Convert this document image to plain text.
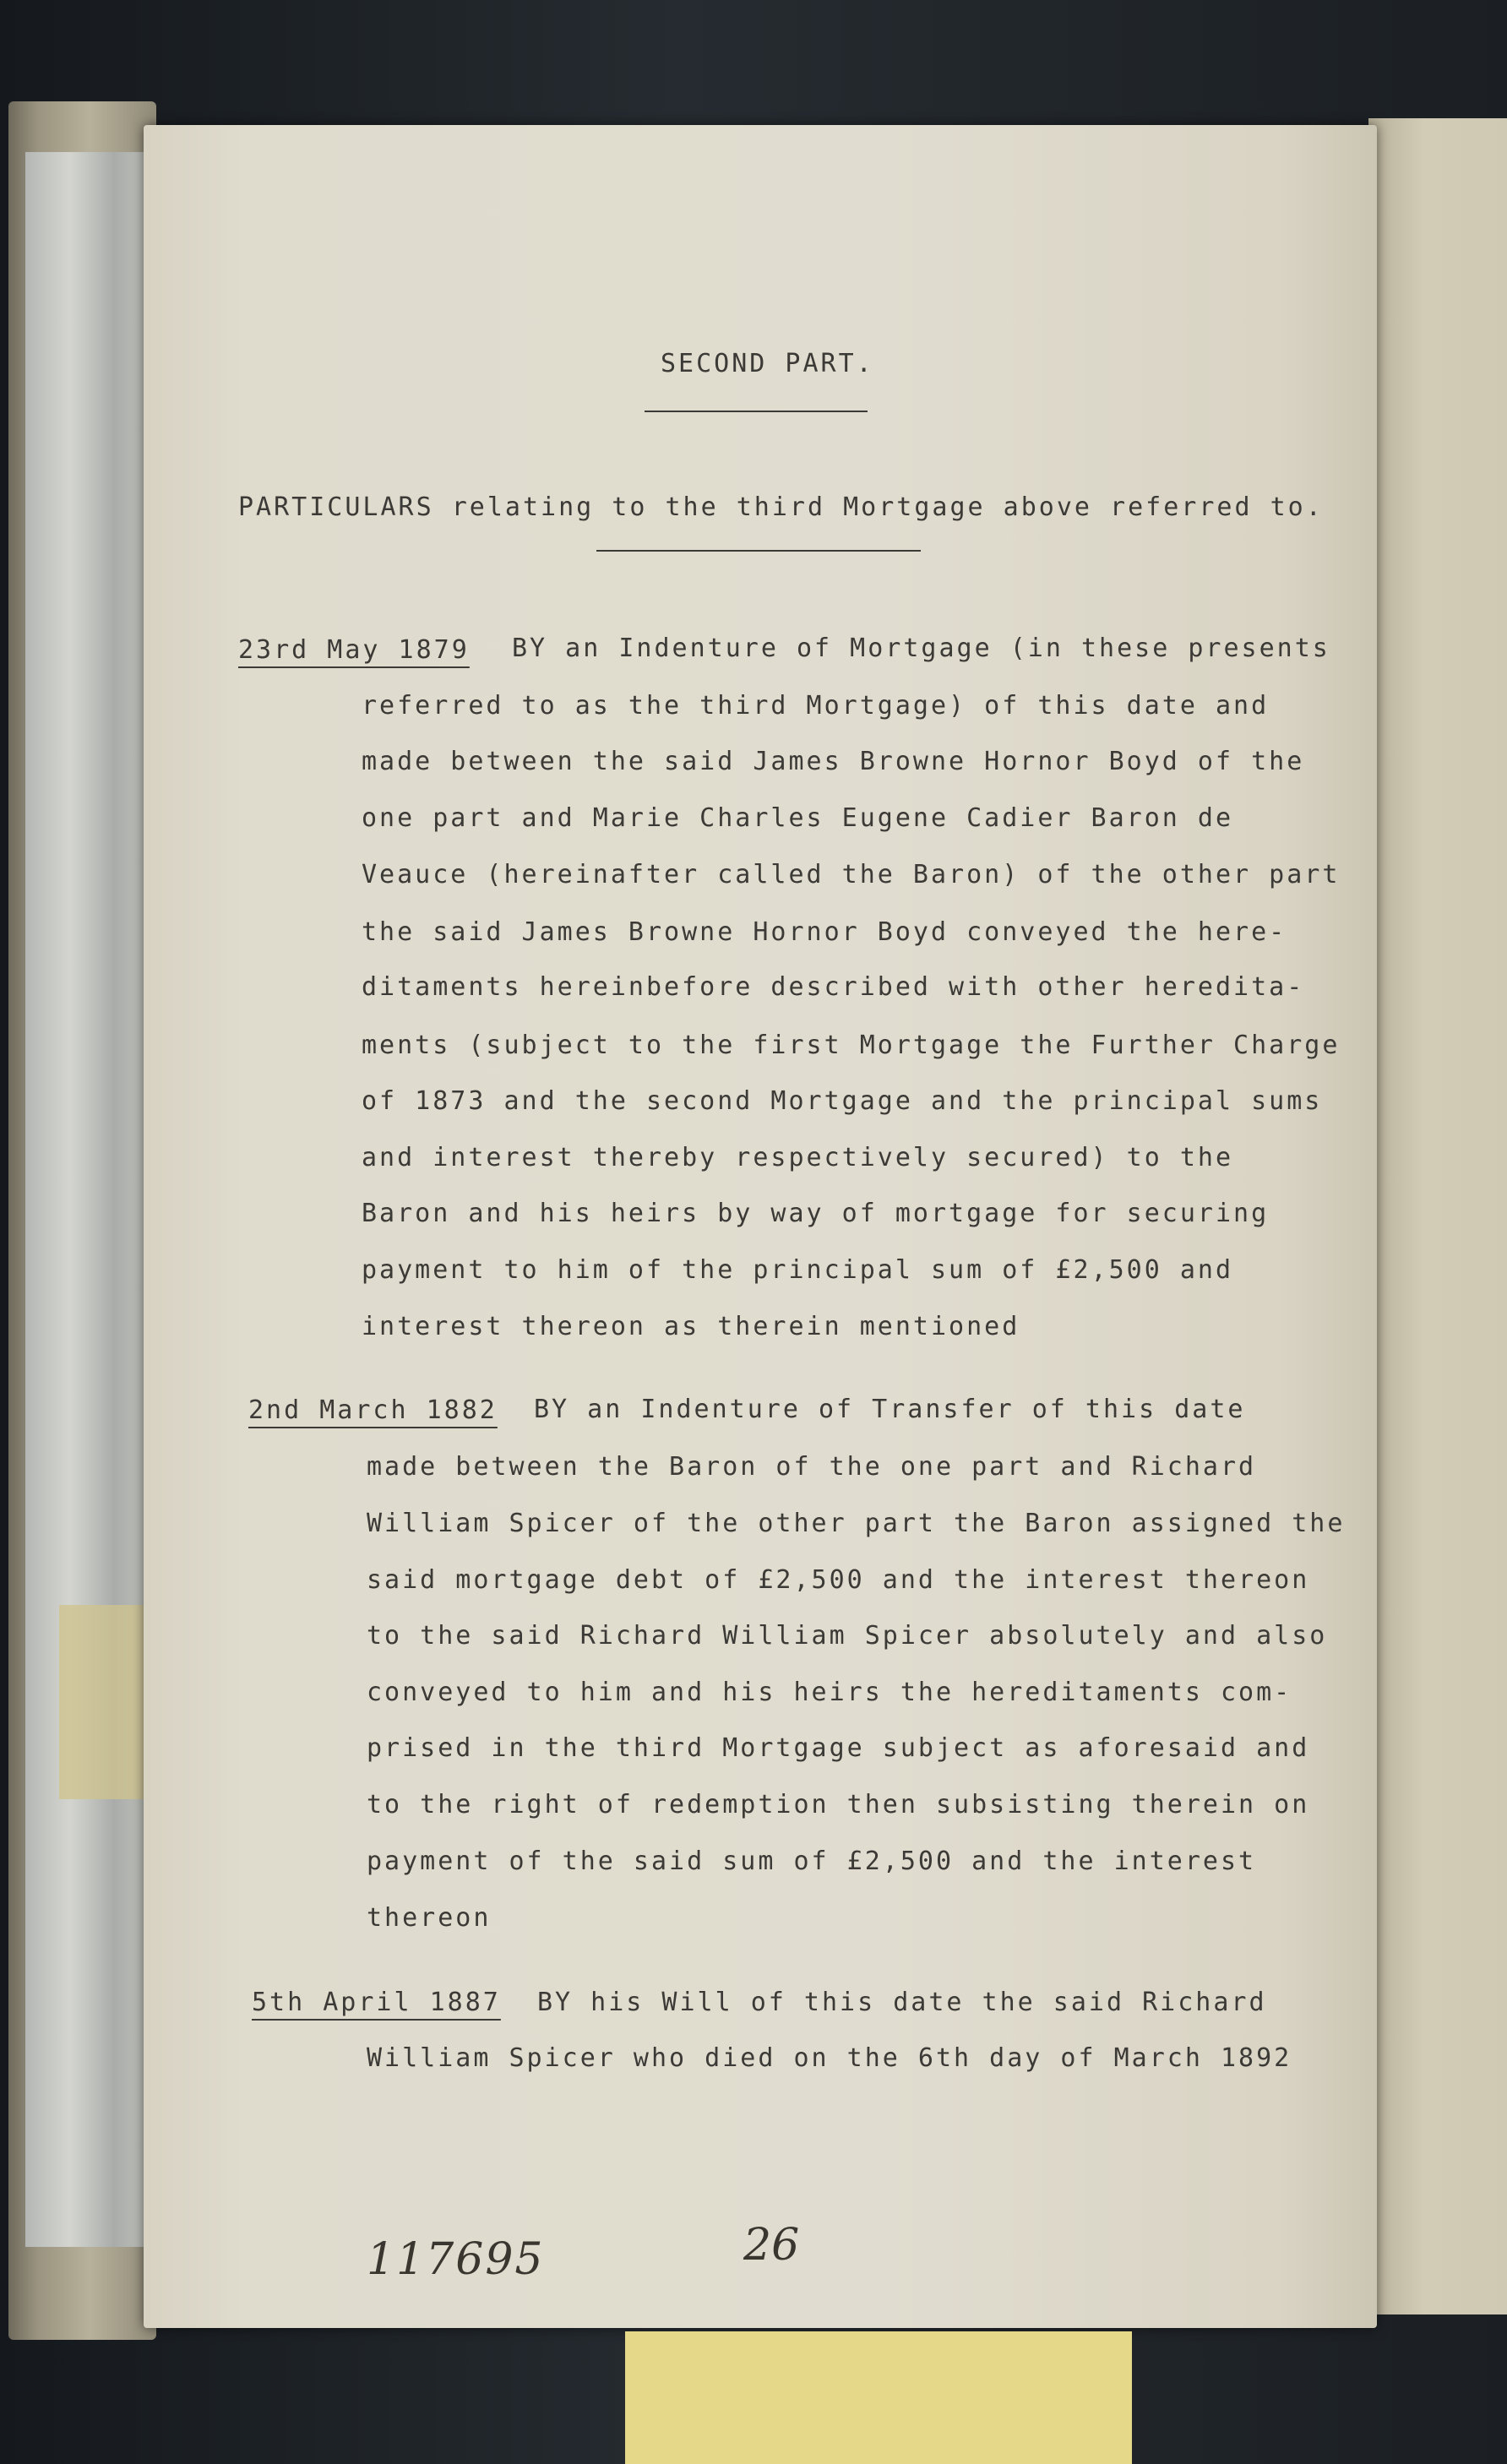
SECOND PART.
PARTICULARS relating to the third Mortgage above referred to.
23rd May 1879 BY an Indenture of Mortgage (in these presents
referred to as the third Mortgage) of this date and
made between the said James Browne Hornor Boyd of the
one part and Marie Charles Eugene Cadier Baron de
Veauce (hereinafter called the Baron) of the other part
the said James Browne Hornor Boyd conveyed the here-
ditaments hereinbefore described with other heredita-
ments (subject to the first Mortgage the Further Charge
of 1873 and the second Mortgage and the principal sums
and interest thereby respectively secured) to the
Baron and his heirs by way of mortgage for securing
payment to him of the principal sum of £2,500 and
interest thereon as therein mentioned
2nd March 1882 BY an Indenture of Transfer of this date
made between the Baron of the one part and Richard
William Spicer of the other part the Baron assigned the
said mortgage debt of £2,500 and the interest thereon
to the said Richard William Spicer absolutely and also
conveyed to him and his heirs the hereditaments com-
prised in the third Mortgage subject as aforesaid and
to the right of redemption then subsisting therein on
payment of the said sum of £2,500 and the interest
thereon
5th April 1887 BY his Will of this date the said Richard
William Spicer who died on the 6th day of March 1892
117695	26
